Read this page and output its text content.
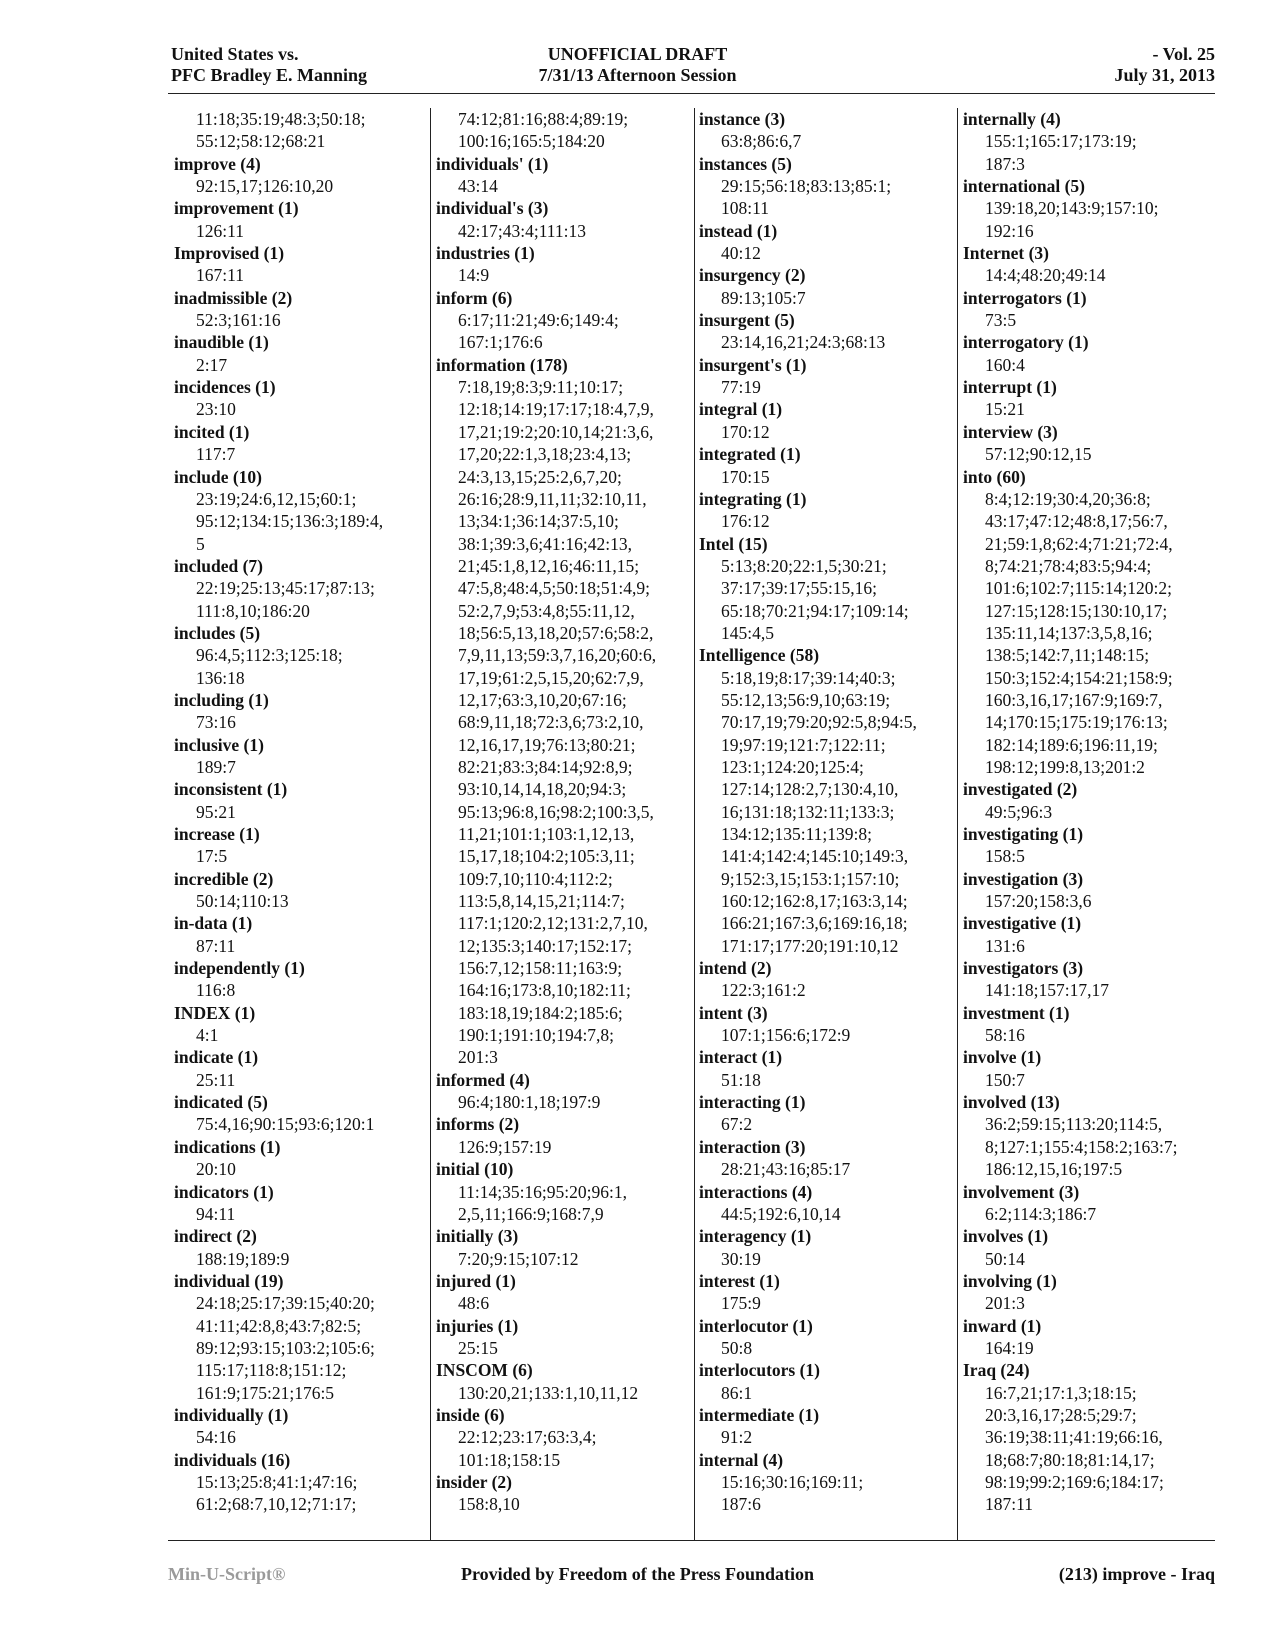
United States vs.
PFC Bradley E. Manning
UNOFFICIAL DRAFT
7/31/13 Afternoon Session
- Vol. 25
July 31, 2013
11:18;35:19;48:3;50:18;
55:12;58:12;68:21
improve (4)
92:15,17;126:10,20
improvement (1)
126:11
Improvised (1)
167:11
inadmissible (2)
52:3;161:16
inaudible (1)
2:17
incidences (1)
23:10
incited (1)
117:7
include (10)
23:19;24:6,12,15;60:1;
95:12;134:15;136:3;189:4,
5
included (7)
22:19;25:13;45:17;87:13;
111:8,10;186:20
includes (5)
96:4,5;112:3;125:18;
136:18
including (1)
73:16
inclusive (1)
189:7
inconsistent (1)
95:21
increase (1)
17:5
incredible (2)
50:14;110:13
in-data (1)
87:11
independently (1)
116:8
INDEX (1)
4:1
indicate (1)
25:11
indicated (5)
75:4,16;90:15;93:6;120:1
indications (1)
20:10
indicators (1)
94:11
indirect (2)
188:19;189:9
individual (19)
24:18;25:17;39:15;40:20;
41:11;42:8,8;43:7;82:5;
89:12;93:15;103:2;105:6;
115:17;118:8;151:12;
161:9;175:21;176:5
individually (1)
54:16
individuals (16)
15:13;25:8;41:1;47:16;
61:2;68:7,10,12;71:17;
74:12;81:16;88:4;89:19;
100:16;165:5;184:20
individuals' (1)
43:14
individual's (3)
42:17;43:4;111:13
industries (1)
14:9
inform (6)
6:17;11:21;49:6;149:4;
167:1;176:6
information (178)
7:18,19;8:3;9:11;10:17;
12:18;14:19;17:17;18:4,7,9,
17,21;19:2;20:10,14;21:3,6,
17,20;22:1,3,18;23:4,13;
24:3,13,15;25:2,6,7,20;
26:16;28:9,11,11;32:10,11,
13;34:1;36:14;37:5,10;
38:1;39:3,6;41:16;42:13,
21;45:1,8,12,16;46:11,15;
47:5,8;48:4,5;50:18;51:4,9;
52:2,7,9;53:4,8;55:11,12,
18;56:5,13,18,20;57:6;58:2,
7,9,11,13;59:3,7,16,20;60:6,
17,19;61:2,5,15,20;62:7,9,
12,17;63:3,10,20;67:16;
68:9,11,18;72:3,6;73:2,10,
12,16,17,19;76:13;80:21;
82:21;83:3;84:14;92:8,9;
93:10,14,14,18,20;94:3;
95:13;96:8,16;98:2;100:3,5,
11,21;101:1;103:1,12,13,
15,17,18;104:2;105:3,11;
109:7,10;110:4;112:2;
113:5,8,14,15,21;114:7;
117:1;120:2,12;131:2,7,10,
12;135:3;140:17;152:17;
156:7,12;158:11;163:9;
164:16;173:8,10;182:11;
183:18,19;184:2;185:6;
190:1;191:10;194:7,8;
201:3
informed (4)
96:4;180:1,18;197:9
informs (2)
126:9;157:19
initial (10)
11:14;35:16;95:20;96:1,
2,5,11;166:9;168:7,9
initially (3)
7:20;9:15;107:12
injured (1)
48:6
injuries (1)
25:15
INSCOM (6)
130:20,21;133:1,10,11,12
inside (6)
22:12;23:17;63:3,4;
101:18;158:15
insider (2)
158:8,10
instance (3)
63:8;86:6,7
instances (5)
29:15;56:18;83:13;85:1;
108:11
instead (1)
40:12
insurgency (2)
89:13;105:7
insurgent (5)
23:14,16,21;24:3;68:13
insurgent's (1)
77:19
integral (1)
170:12
integrated (1)
170:15
integrating (1)
176:12
Intel (15)
5:13;8:20;22:1,5;30:21;
37:17;39:17;55:15,16;
65:18;70:21;94:17;109:14;
145:4,5
Intelligence (58)
5:18,19;8:17;39:14;40:3;
55:12,13;56:9,10;63:19;
70:17,19;79:20;92:5,8;94:5,
19;97:19;121:7;122:11;
123:1;124:20;125:4;
127:14;128:2,7;130:4,10,
16;131:18;132:11;133:3;
134:12;135:11;139:8;
141:4;142:4;145:10;149:3,
9;152:3,15;153:1;157:10;
160:12;162:8,17;163:3,14;
166:21;167:3,6;169:16,18;
171:17;177:20;191:10,12
intend (2)
122:3;161:2
intent (3)
107:1;156:6;172:9
interact (1)
51:18
interacting (1)
67:2
interaction (3)
28:21;43:16;85:17
interactions (4)
44:5;192:6,10,14
interagency (1)
30:19
interest (1)
175:9
interlocutor (1)
50:8
interlocutors (1)
86:1
intermediate (1)
91:2
internal (4)
15:16;30:16;169:11;
187:6
internally (4)
155:1;165:17;173:19;
187:3
international (5)
139:18,20;143:9;157:10;
192:16
Internet (3)
14:4;48:20;49:14
interrogators (1)
73:5
interrogatory (1)
160:4
interrupt (1)
15:21
interview (3)
57:12;90:12,15
into (60)
8:4;12:19;30:4,20;36:8;
43:17;47:12;48:8,17;56:7,
21;59:1,8;62:4;71:21;72:4,
8;74:21;78:4;83:5;94:4;
101:6;102:7;115:14;120:2;
127:15;128:15;130:10,17;
135:11,14;137:3,5,8,16;
138:5;142:7,11;148:15;
150:3;152:4;154:21;158:9;
160:3,16,17;167:9;169:7,
14;170:15;175:19;176:13;
182:14;189:6;196:11,19;
198:12;199:8,13;201:2
investigated (2)
49:5;96:3
investigating (1)
158:5
investigation (3)
157:20;158:3,6
investigative (1)
131:6
investigators (3)
141:18;157:17,17
investment (1)
58:16
involve (1)
150:7
involved (13)
36:2;59:15;113:20;114:5,
8;127:1;155:4;158:2;163:7;
186:12,15,16;197:5
involvement (3)
6:2;114:3;186:7
involves (1)
50:14
involving (1)
201:3
inward (1)
164:19
Iraq (24)
16:7,21;17:1,3;18:15;
20:3,16,17;28:5;29:7;
36:19;38:11;41:19;66:16,
18;68:7;80:18;81:14,17;
98:19;99:2;169:6;184:17;
187:11
Min-U-Script®	Provided by Freedom of the Press Foundation	(213) improve - Iraq
